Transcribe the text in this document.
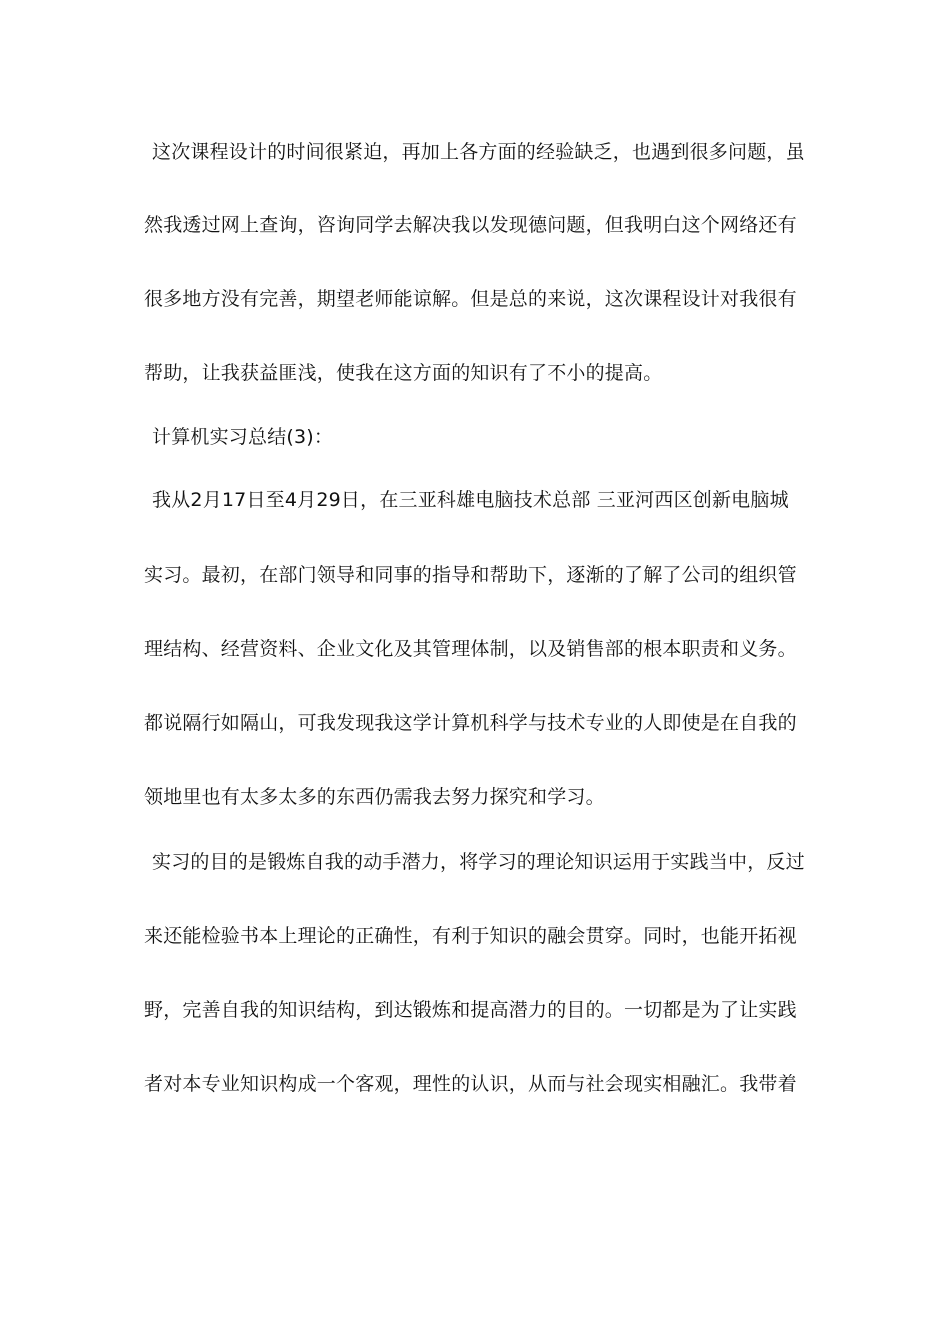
这次课程设计的时间很紧迫，再加上各方面的经验缺乏，也遇到很多问题，虽
然我透过网上查询，咨询同学去解决我以发现德问题，但我明白这个网络还有
很多地方没有完善，期望老师能谅解。但是总的来说，这次课程设计对我很有
帮助，让我获益匪浅，使我在这方面的知识有了不小的提高。
计算机实习总结(3)：
我从2月17日至4月29日，在三亚科雄电脑技术总部 三亚河西区创新电脑城
实习。最初，在部门领导和同事的指导和帮助下，逐渐的了解了公司的组织管
理结构、经营资料、企业文化及其管理体制，以及销售部的根本职责和义务。
都说隔行如隔山，可我发现我这学计算机科学与技术专业的人即使是在自我的
领地里也有太多太多的东西仍需我去努力探究和学习。
实习的目的是锻炼自我的动手潜力，将学习的理论知识运用于实践当中，反过
来还能检验书本上理论的正确性，有利于知识的融会贯穿。同时，也能开拓视
野，完善自我的知识结构，到达锻炼和提高潜力的目的。一切都是为了让实践
者对本专业知识构成一个客观，理性的认识，从而与社会现实相融汇。我带着
